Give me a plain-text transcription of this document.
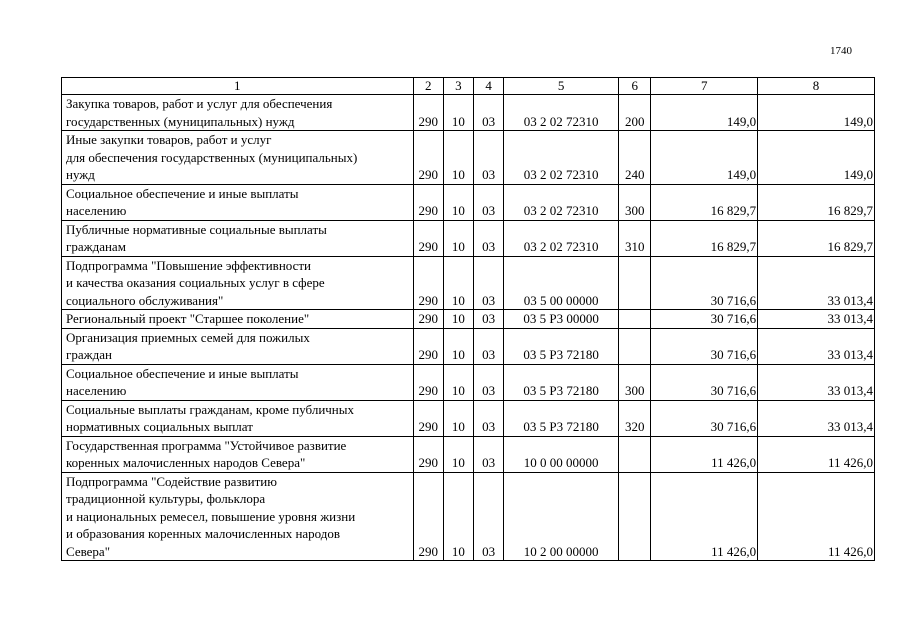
1740
1	2	3	4	5	6	7	8
Закупка товаров, работ и услуг для обеспечения
государственных (муниципальных) нужд	290	10	03	03 2 02 72310	200	149,0	149,0
Иные закупки товаров, работ и услуг
для обеспечения государственных (муниципальных)
нужд	290	10	03	03 2 02 72310	240	149,0	149,0
Социальное обеспечение и иные выплаты
населению	290	10	03	03 2 02 72310	300	16 829,7	16 829,7
Публичные нормативные социальные выплаты
гражданам	290	10	03	03 2 02 72310	310	16 829,7	16 829,7
Подпрограмма "Повышение эффективности
и качества оказания социальных услуг в сфере
социального обслуживания"	290	10	03	03 5 00 00000		30 716,6	33 013,4
Региональный проект "Старшее поколение"	290	10	03	03 5 P3 00000		30 716,6	33 013,4
Организация приемных семей для пожилых
граждан	290	10	03	03 5 P3 72180		30 716,6	33 013,4
Социальное обеспечение и иные выплаты
населению	290	10	03	03 5 P3 72180	300	30 716,6	33 013,4
Социальные выплаты гражданам, кроме публичных
нормативных социальных выплат	290	10	03	03 5 P3 72180	320	30 716,6	33 013,4
Государственная программа "Устойчивое развитие
коренных малочисленных народов Севера"	290	10	03	10 0 00 00000		11 426,0	11 426,0
Подпрограмма "Содействие развитию
традиционной культуры, фольклора
и национальных ремесел, повышение уровня жизни
и образования коренных малочисленных народов
Севера"	290	10	03	10 2 00 00000		11 426,0	11 426,0
